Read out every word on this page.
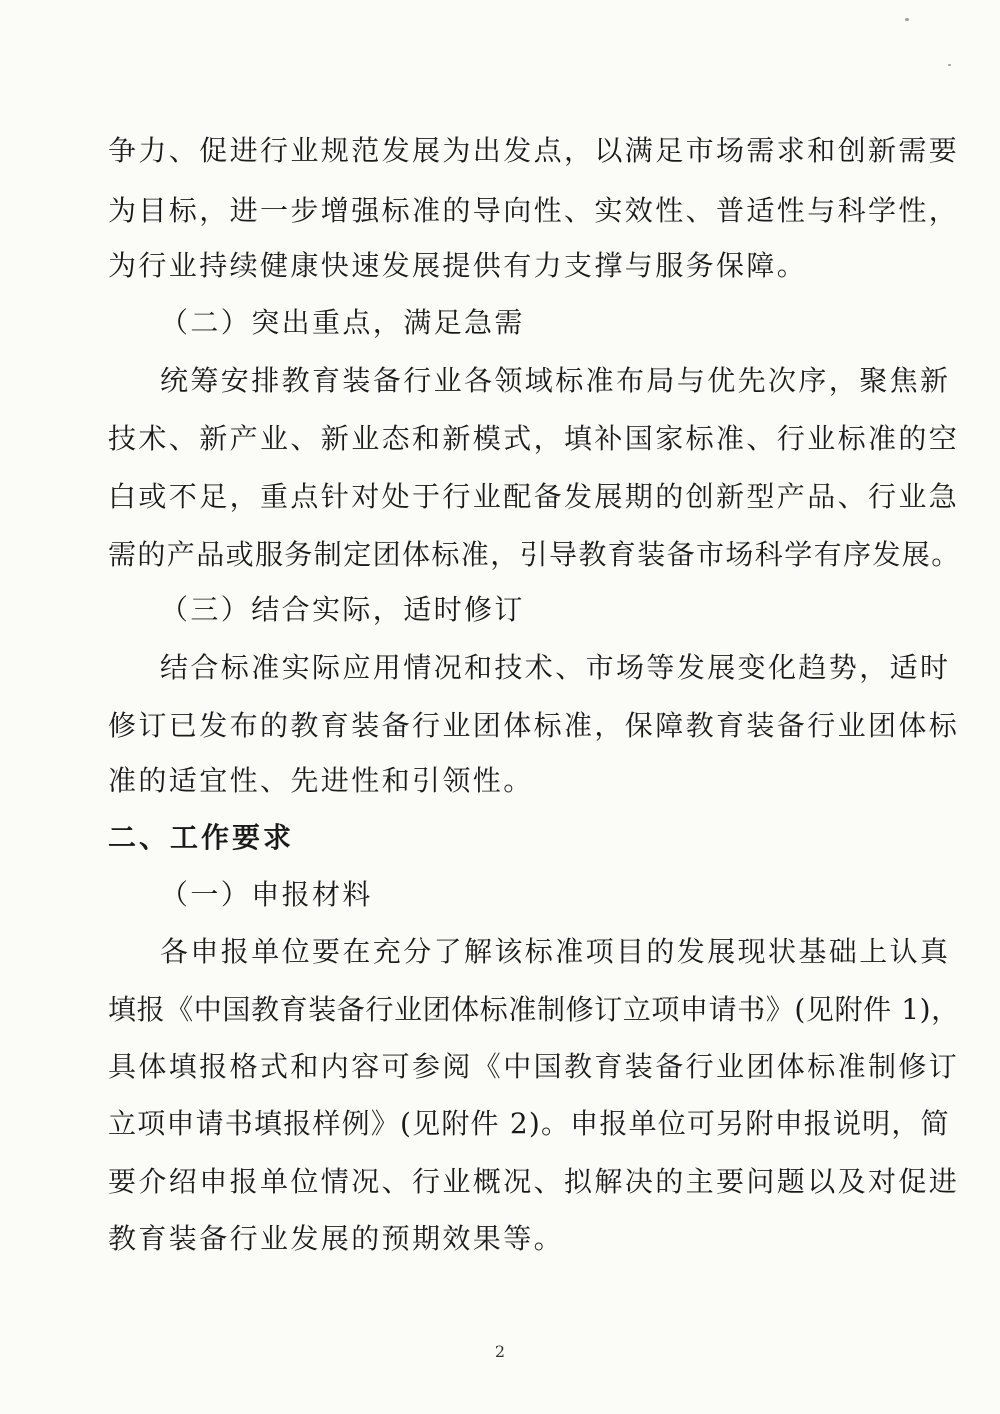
争力、促进行业规范发展为出发点，以满足市场需求和创新需要
为目标，进一步增强标准的导向性、实效性、普适性与科学性，
为行业持续健康快速发展提供有力支撑与服务保障。
（二）突出重点，满足急需
统筹安排教育装备行业各领域标准布局与优先次序，聚焦新
技术、新产业、新业态和新模式，填补国家标准、行业标准的空
白或不足，重点针对处于行业配备发展期的创新型产品、行业急
需的产品或服务制定团体标准，引导教育装备市场科学有序发展。
（三）结合实际，适时修订
结合标准实际应用情况和技术、市场等发展变化趋势，适时
修订已发布的教育装备行业团体标准，保障教育装备行业团体标
准的适宜性、先进性和引领性。
二、工作要求
（一）申报材料
各申报单位要在充分了解该标准项目的发展现状基础上认真
填报《中国教育装备行业团体标准制修订立项申请书》(见附件 1)，
具体填报格式和内容可参阅《中国教育装备行业团体标准制修订
立项申请书填报样例》(见附件 2)。申报单位可另附申报说明，简
要介绍申报单位情况、行业概况、拟解决的主要问题以及对促进
教育装备行业发展的预期效果等。
2
